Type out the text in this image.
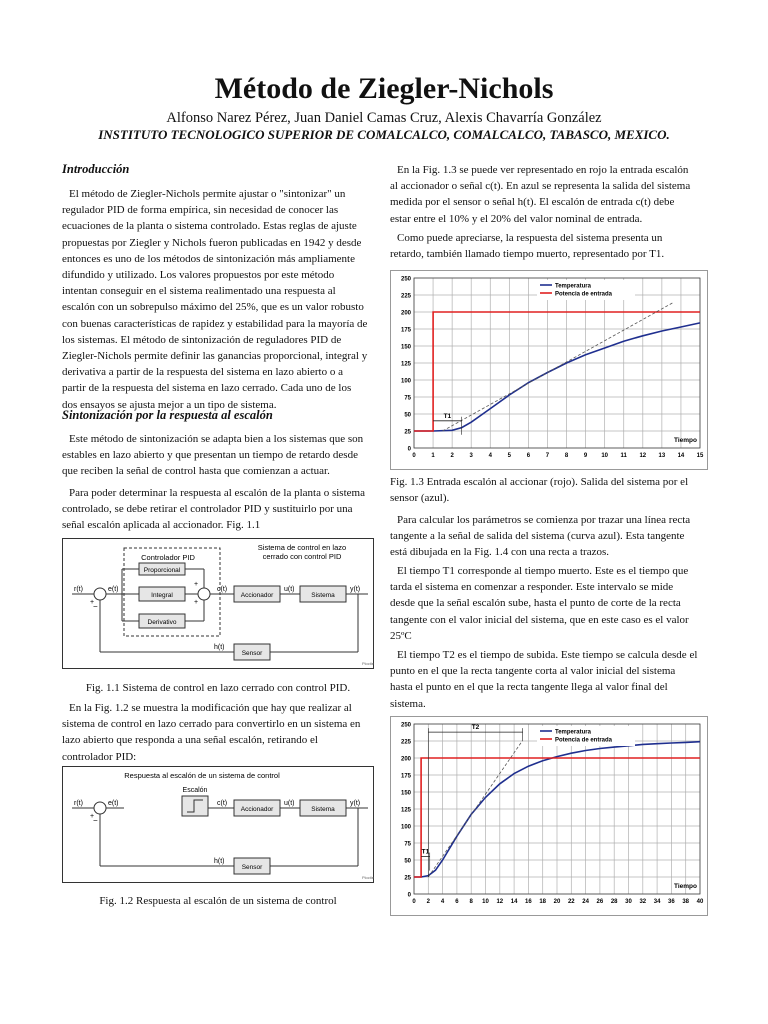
Método de Ziegler-Nichols
Alfonso Narez Pérez, Juan Daniel Camas Cruz, Alexis Chavarría González
INSTITUTO TECNOLOGICO SUPERIOR DE COMALCALCO, COMALCALCO, TABASCO, MEXICO.
Introducción
El método de Ziegler-Nichols permite ajustar o "sintonizar" un
regulador PID de forma empírica, sin necesidad de conocer las
ecuaciones de la planta o sistema controlado. Estas reglas de ajuste
propuestas por Ziegler y Nichols fueron publicadas en 1942 y desde
entonces es uno de los métodos de sintonización más ampliamente
difundido y utilizado. Los valores propuestos por este método
intentan conseguir en el sistema realimentado una respuesta al
escalón con un sobrepulso máximo del 25%, que es un valor robusto
con buenas características de rapidez y estabilidad para la mayoría de
los sistemas. El método de sintonización de reguladores PID de
Ziegler-Nichols permite definir las ganancias proporcional, integral y
derivativa a partir de la respuesta del sistema en lazo abierto o a
partir de la respuesta del sistema en lazo cerrado. Cada uno de los
dos ensayos se ajusta mejor a un tipo de sistema.
Sintonización por la respuesta al escalón
Este método de sintonización se adapta bien a los sistemas que son
estables en lazo abierto y que presentan un tiempo de retardo desde
que reciben la señal de control hasta que comienzan a actuar.
Para poder determinar la respuesta al escalón de la planta o sistema
controlado, se debe retirar el controlador PID y sustituirlo por una
señal escalón aplicada al accionador. Fig. 1.1
Sistema de control en lazo
cerrado con control PID
Controlador PID
Proporcional
Integral
Derivativo
Accionador	Sistema
Sensor
r(t)	e(t)	c(t)	u(t)	y(t)
h(t)
+
−
+
+
Ploctie
Fig. 1.1 Sistema de control en lazo cerrado con control PID.
En la Fig. 1.2 se muestra la modificación que hay que realizar al
sistema de control en lazo cerrado para convertirlo en un sistema en
lazo abierto que responda a una señal escalón, retirando el
controlador PID:
Respuesta al escalón de un sistema de control
Escalón
Accionador	Sistema
Sensor
r(t)	e(t)	c(t)	u(t)	y(t)
h(t)
+
−
Ploctie
Fig. 1.2 Respuesta al escalón de un sistema de control
En la Fig. 1.3 se puede ver representado en rojo la entrada escalón
al accionador o señal c(t). En azul se representa la salida del sistema
medida por el sensor o señal h(t). El escalón de entrada c(t) debe
estar entre el 10% y el 20% del valor nominal de entrada.
Como puede apreciarse, la respuesta del sistema presenta un
retardo, también llamado tiempo muerto, representado por T1.
0
25
50
75
100
125
150
175
200
225
250
0	1	2	3	4	5	6	7	8	9 10 11 12 13 14 15
Tiempo
Temperatura
Potencia de entrada
T1
Fig. 1.3 Entrada escalón al accionar (rojo). Salida del sistema por el
sensor (azul).
Para calcular los parámetros se comienza por trazar una línea recta
tangente a la señal de salida del sistema (curva azul). Esta tangente
está dibujada en la Fig. 1.4 con una recta a trazos.
El tiempo T1 corresponde al tiempo muerto. Este es el tiempo que
tarda el sistema en comenzar a responder. Este intervalo se mide
desde que la señal escalón sube, hasta el punto de corte de la recta
tangente con el valor inicial del sistema, que en este caso es el valor
25ºC
El tiempo T2 es el tiempo de subida. Este tiempo se calcula desde el
punto en el que la recta tangente corta al valor inicial del sistema
hasta el punto en el que la recta tangente llega al valor final del
sistema.
0
25
50
75
100
125
150
175
200
225
250
0 2 4 6 8 10 12 14 16 18 20 22 24 26 28 30 32 34 36 38 40
Tiempo
Temperatura
Potencia de entrada
T1
T2
